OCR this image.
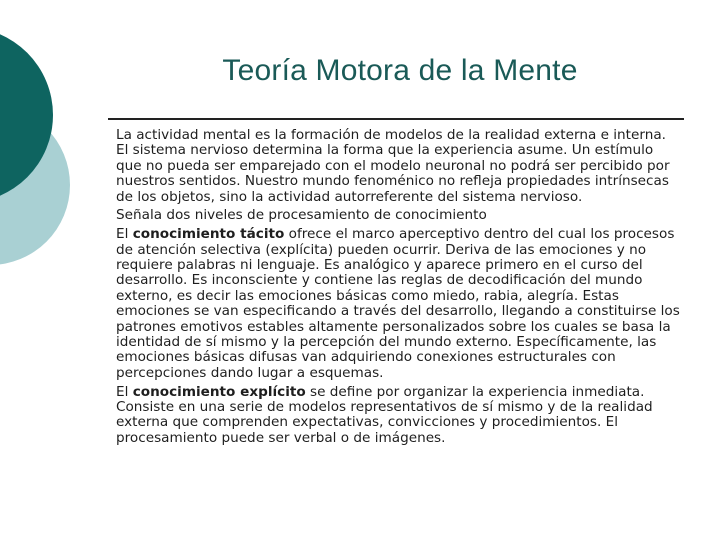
Teoría Motora de la Mente

La actividad mental es la formación de modelos de la realidad externa e interna. El sistema nervioso determina la forma que la experiencia asume. Un estímulo que no pueda ser emparejado con el modelo neuronal no podrá ser percibido por nuestros sentidos. Nuestro mundo fenoménico no refleja propiedades intrínsecas de los objetos, sino la actividad autorreferente del sistema nervioso.

Señala dos niveles de procesamiento de conocimiento

El conocimiento tácito ofrece el marco aperceptivo dentro del cual los procesos de atención selectiva (explícita) pueden ocurrir. Deriva de las emociones y no requiere palabras ni lenguaje. Es analógico y aparece primero en el curso del desarrollo. Es inconsciente y contiene las reglas de decodificación del mundo externo, es decir las emociones básicas como miedo, rabia, alegría. Estas emociones se van especificando a través del desarrollo, llegando a constituirse los patrones emotivos estables altamente personalizados sobre los cuales se basa la identidad de sí mismo y la percepción del mundo externo. Específicamente, las emociones básicas difusas van adquiriendo conexiones estructurales con percepciones dando lugar a esquemas.

El conocimiento explícito se define por organizar la experiencia inmediata. Consiste en una serie de modelos representativos de sí mismo y de la realidad externa que comprenden expectativas, convicciones y procedimientos. El procesamiento puede ser verbal o de imágenes.
